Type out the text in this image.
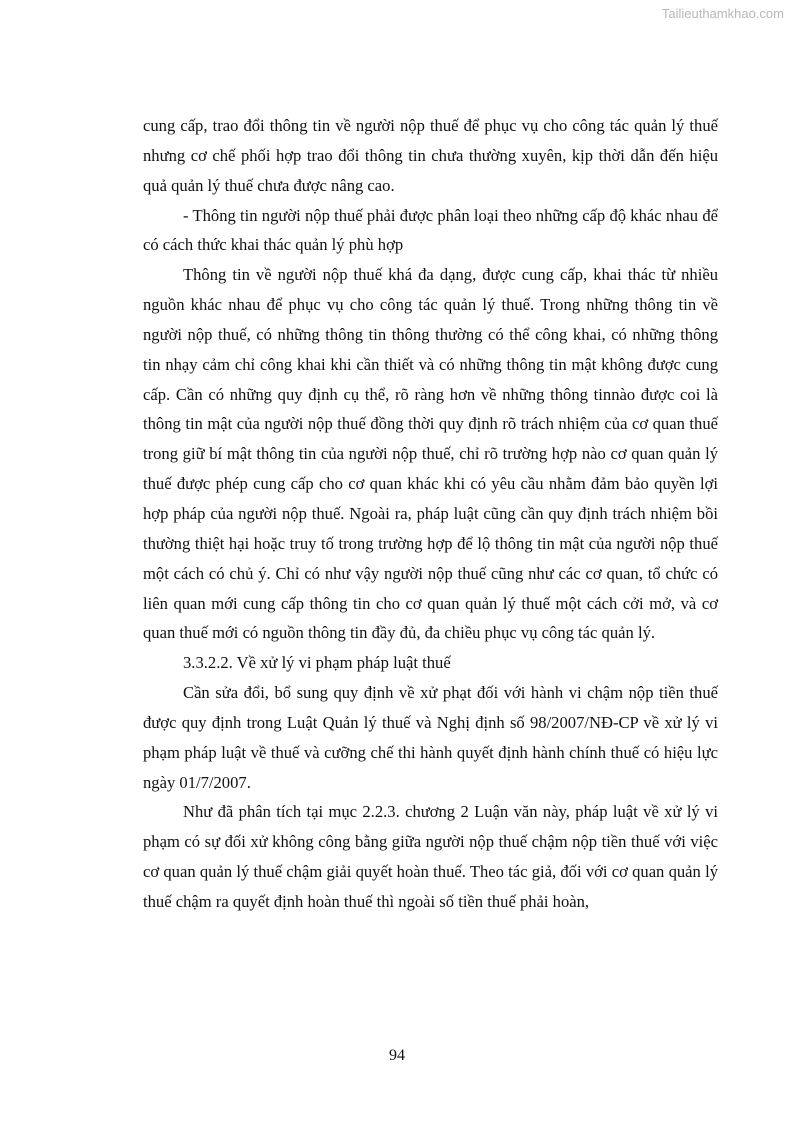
Tailieuthamkhao.com

cung cấp, trao đổi thông tin về người nộp thuế để phục vụ cho công tác quản lý thuế nhưng cơ chế phối hợp trao đổi thông tin chưa thường xuyên, kịp thời dẫn đến hiệu quả quản lý thuế chưa được nâng cao.

- Thông tin người nộp thuế phải được phân loại theo những cấp độ khác nhau để có cách thức khai thác quản lý phù hợp

Thông tin về người nộp thuế khá đa dạng, được cung cấp, khai thác từ nhiều nguồn khác nhau để phục vụ cho công tác quản lý thuế. Trong những thông tin về người nộp thuế, có những thông tin thông thường có thể công khai, có những thông tin nhạy cảm chỉ công khai khi cần thiết và có những thông tin mật không được cung cấp. Cần có những quy định cụ thể, rõ ràng hơn về những thông tinnào được coi là thông tin mật của người nộp thuế đồng thời quy định rõ trách nhiệm của cơ quan thuế trong giữ bí mật thông tin của người nộp thuế, chỉ rõ trường hợp nào cơ quan quản lý thuế được phép cung cấp cho cơ quan khác khi có yêu cầu nhằm đảm bảo quyền lợi hợp pháp của người nộp thuế. Ngoài ra, pháp luật cũng cần quy định trách nhiệm bồi thường thiệt hại hoặc truy tố trong trường hợp để lộ thông tin mật của người nộp thuế một cách có chủ ý. Chỉ có như vậy người nộp thuế cũng như các cơ quan, tổ chức có liên quan mới cung cấp thông tin cho cơ quan quản lý thuế một cách cởi mở, và cơ quan thuế mới có nguồn thông tin đầy đủ, đa chiều phục vụ công tác quản lý.

3.3.2.2. Về xử lý vi phạm pháp luật thuế

Cần sửa đổi, bổ sung quy định về xử phạt đối với hành vi chậm nộp tiền thuế được quy định trong Luật Quản lý thuế và Nghị định số 98/2007/NĐ-CP về xử lý vi phạm pháp luật về thuế và cưỡng chế thi hành quyết định hành chính thuế có hiệu lực ngày 01/7/2007.

Như đã phân tích tại mục 2.2.3. chương 2 Luận văn này, pháp luật về xử lý vi phạm có sự đối xử không công bằng giữa người nộp thuế chậm nộp tiền thuế với việc cơ quan quản lý thuế chậm giải quyết hoàn thuế. Theo tác giả, đối với cơ quan quản lý thuế chậm ra quyết định hoàn thuế thì ngoài số tiền thuế phải hoàn,

94
